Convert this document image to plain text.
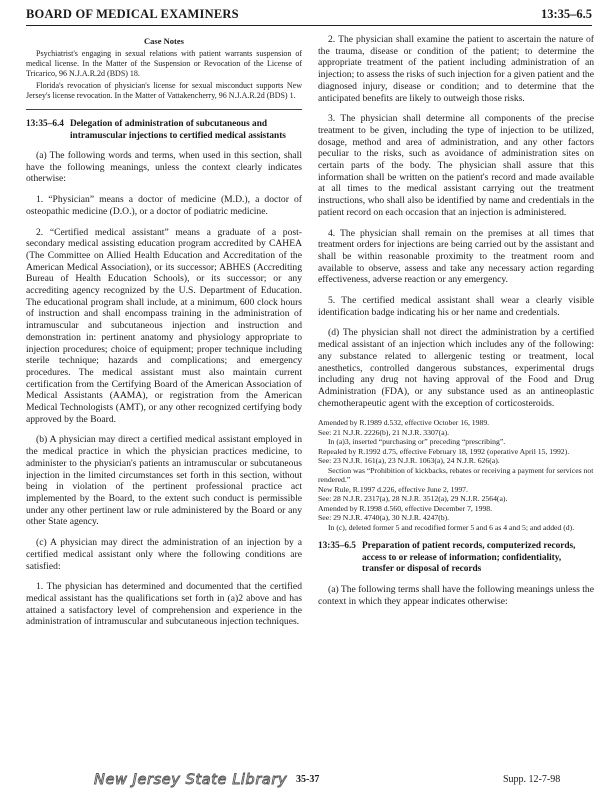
BOARD OF MEDICAL EXAMINERS	13:35–6.5
Case Notes

Psychiatrist's engaging in sexual relations with patient warrants suspension of medical license. In the Matter of the Suspension or Revocation of the License of Tricarico, 96 N.J.A.R.2d (BDS) 18.

Florida's revocation of physician's license for sexual misconduct supports New Jersey's license revocation. In the Matter of Vattakencherry, 96 N.J.A.R.2d (BDS) 1.

13:35–6.4 Delegation of administration of subcutaneous and intramuscular injections to certified medical assistants

(a) The following words and terms, when used in this section, shall have the following meanings, unless the context clearly indicates otherwise:

1. “Physician” means a doctor of medicine (M.D.), a doctor of osteopathic medicine (D.O.), or a doctor of podiatric medicine.

2. “Certified medical assistant” means a graduate of a post-secondary medical assisting education program accredited by CAHEA (The Committee on Allied Health Education and Accreditation of the American Medical Association), or its successor; ABHES (Accrediting Bureau of Health Education Schools), or its successor; or any accrediting agency recognized by the U.S. Department of Education. The educational program shall include, at a minimum, 600 clock hours of instruction and shall encompass training in the administration of intramuscular and subcutaneous injection and instruction and demonstration in: pertinent anatomy and physiology appropriate to injection procedures; choice of equipment; proper technique including sterile technique; hazards and complications; and emergency procedures. The medical assistant must also maintain current certification from the Certifying Board of the American Association of Medical Assistants (AAMA), or registration from the American Medical Technologists (AMT), or any other recognized certifying body approved by the Board.

(b) A physician may direct a certified medical assistant employed in the medical practice in which the physician practices medicine, to administer to the physician's patients an intramuscular or subcutaneous injection in the limited circumstances set forth in this section, without being in violation of the pertinent professional practice act implemented by the Board, to the extent such conduct is permissible under any other pertinent law or rule administered by the Board or any other State agency.

(c) A physician may direct the administration of an injection by a certified medical assistant only where the following conditions are satisfied:

1. The physician has determined and documented that the certified medical assistant has the qualifications set forth in (a)2 above and has attained a satisfactory level of comprehension and experience in the administration of intramuscular and subcutaneous injection techniques.

2. The physician shall examine the patient to ascertain the nature of the trauma, disease or condition of the patient; to determine the appropriate treatment of the patient including administration of an injection; to assess the risks of such injection for a given patient and the diagnosed injury, disease or condition; and to determine that the anticipated benefits are likely to outweigh those risks.

3. The physician shall determine all components of the precise treatment to be given, including the type of injection to be utilized, dosage, method and area of administration, and any other factors peculiar to the risks, such as avoidance of administration sites on certain parts of the body. The physician shall assure that this information shall be written on the patient's record and made available at all times to the medical assistant carrying out the treatment instructions, who shall also be identified by name and credentials in the patient record on each occasion that an injection is administered.

4. The physician shall remain on the premises at all times that treatment orders for injections are being carried out by the assistant and shall be within reasonable proximity to the treatment room and available to observe, assess and take any necessary action regarding effectiveness, adverse reaction or any emergency.

5. The certified medical assistant shall wear a clearly visible identification badge indicating his or her name and credentials.

(d) The physician shall not direct the administration by a certified medical assistant of an injection which includes any of the following: any substance related to allergenic testing or treatment, local anesthetics, controlled dangerous substances, experimental drugs including any drug not having approval of the Food and Drug Administration (FDA), or any substance used as an antineoplastic chemotherapeutic agent with the exception of corticosteroids.

Amended by R.1989 d.532, effective October 16, 1989.

See: 21 N.J.R. 2226(b), 21 N.J.R. 3307(a).

In (a)3, inserted “purchasing or” preceding “prescribing”.

Repealed by R.1992 d.75, effective February 18, 1992 (operative April 15, 1992).

See: 23 N.J.R. 161(a), 23 N.J.R. 1063(a), 24 N.J.R. 626(a).

Section was “Prohibition of kickbacks, rebates or receiving a payment for services not rendered.”

New Rule, R.1997 d.226, effective June 2, 1997.

See: 28 N.J.R. 2317(a), 28 N.J.R. 3512(a), 29 N.J.R. 2564(a).

Amended by R.1998 d.560, effective December 7, 1998.

See: 29 N.J.R. 4740(a), 30 N.J.R. 4247(b).

In (c), deleted former 5 and recodified former 5 and 6 as 4 and 5; and added (d).

13:35–6.5 Preparation of patient records, computerized records, access to or release of information; confidentiality, transfer or disposal of records

(a) The following terms shall have the following meanings unless the context in which they appear indicates otherwise:

New Jersey State Library 35-37	Supp. 12-7-98
